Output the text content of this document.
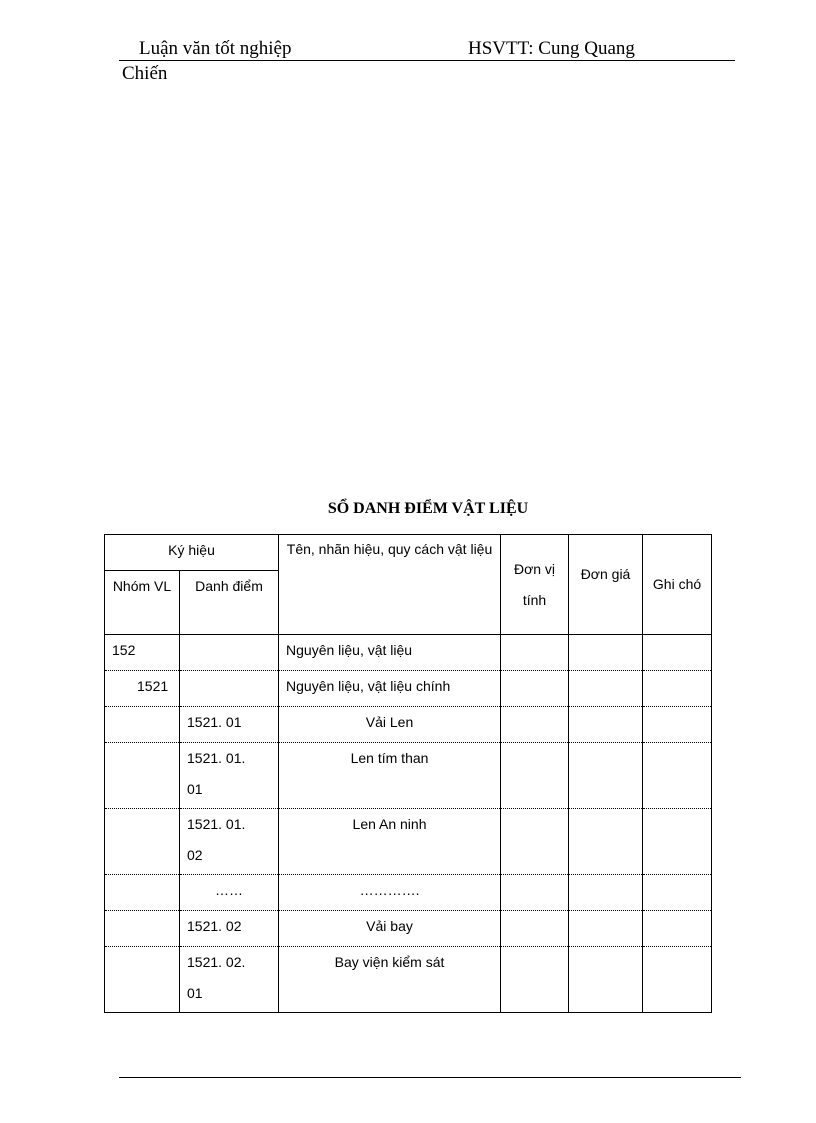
Luận văn tốt nghiệp	HSVTT: Cung Quang
Chiến
SỔ DANH ĐIỂM VẬT LIỆU
Ký hiệu		Tên, nhãn hiệu, quy cách vật liệu	Đơn vị tính	Đơn giá	Ghi chó
Nhóm VL	Danh điểm				
152		Nguyên liệu, vật liệu			
1521		Nguyên liệu, vật liệu chính			
	1521. 01	Vải Len			
	1521. 01. 01	Len tím than			
	1521. 01. 02	Len An ninh			
	……	………….			
	1521. 02	Vải bay			
	1521. 02. 01	Bay viện kiểm sát			
